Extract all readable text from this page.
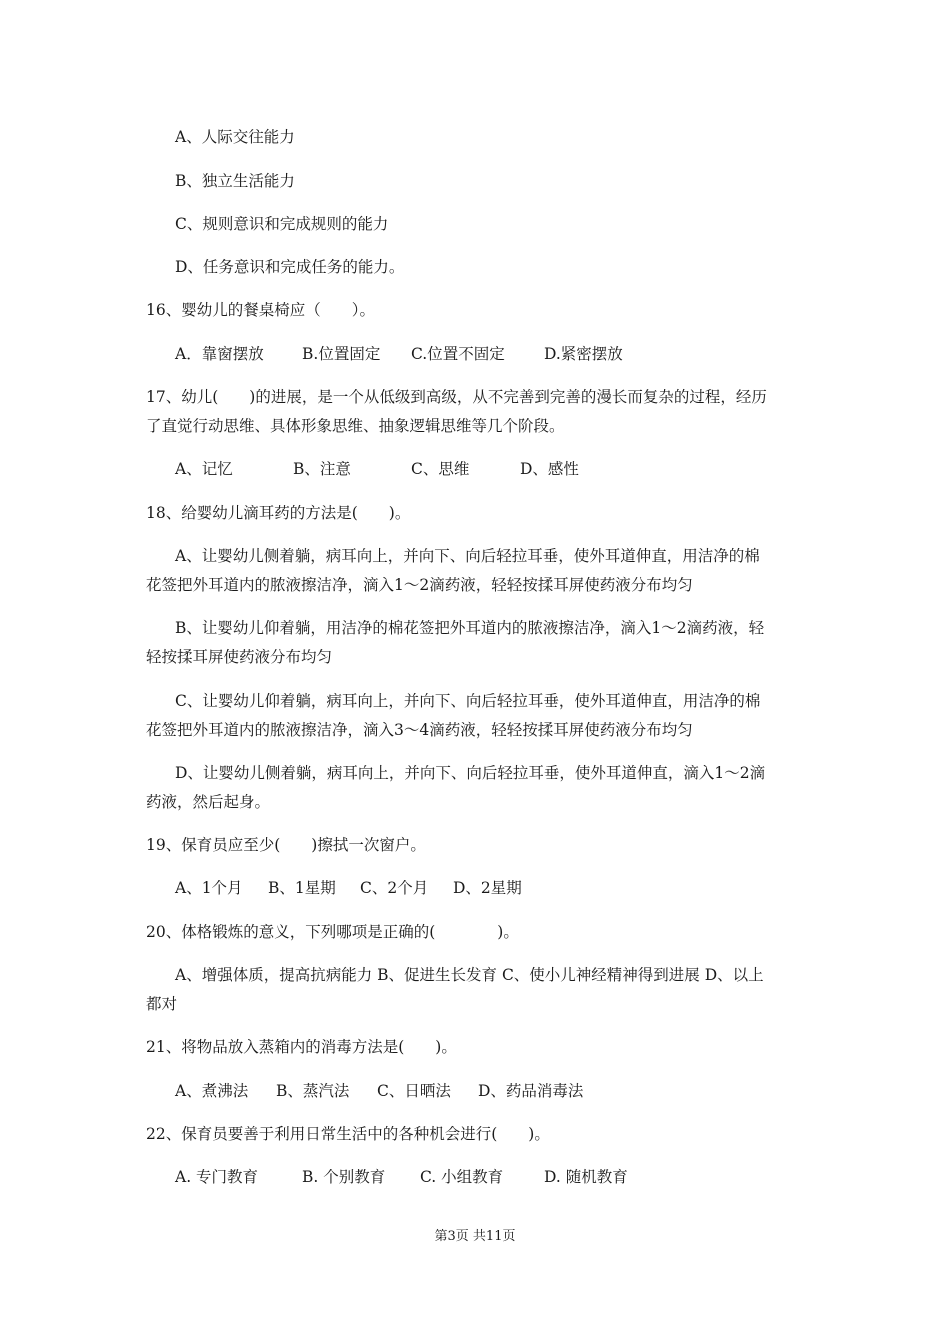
A、人际交往能力

B、独立生活能力

C、规则意识和完成规则的能力

D、任务意识和完成任务的能力。

16、婴幼儿的餐桌椅应（　　）。

A．靠窗摆放 B.位置固定 C.位置不固定	D.紧密摆放

17、幼儿(　　)的进展，是一个从低级到高级，从不完善到完善的漫长而复杂的过程，经历

了直觉行动思维、具体形象思维、抽象逻辑思维等几个阶段。

A、记忆	B、注意	C、思维	D、感性

18、给婴幼儿滴耳药的方法是(　　)。

A、让婴幼儿侧着躺，病耳向上，并向下、向后轻拉耳垂，使外耳道伸直，用洁净的棉

花签把外耳道内的脓液擦洁净，滴入1～2滴药液，轻轻按揉耳屏使药液分布均匀

B、让婴幼儿仰着躺，用洁净的棉花签把外耳道内的脓液擦洁净，滴入1～2滴药液，轻

轻按揉耳屏使药液分布均匀

C、让婴幼儿仰着躺，病耳向上，并向下、向后轻拉耳垂，使外耳道伸直，用洁净的棉

花签把外耳道内的脓液擦洁净，滴入3～4滴药液，轻轻按揉耳屏使药液分布均匀

D、让婴幼儿侧着躺，病耳向上，并向下、向后轻拉耳垂，使外耳道伸直，滴入1～2滴

药液，然后起身。

19、保育员应至少(　　)擦拭一次窗户。

A、1个月 B、1星期 C、2个月 D、2星期

20、体格锻炼的意义，下列哪项是正确的(　　　　)。

A、增强体质，提高抗病能力 B、促进生长发育 C、使小儿神经精神得到进展 D、以上

都对

21、将物品放入蒸箱内的消毒方法是(　　)。

A、煮沸法 B、蒸汽法 C、日晒法 D、药品消毒法

22、保育员要善于利用日常生活中的各种机会进行(　　)。

A. 专门教育	B. 个别教育 C. 小组教育	D. 随机教育
第3页 共11页
